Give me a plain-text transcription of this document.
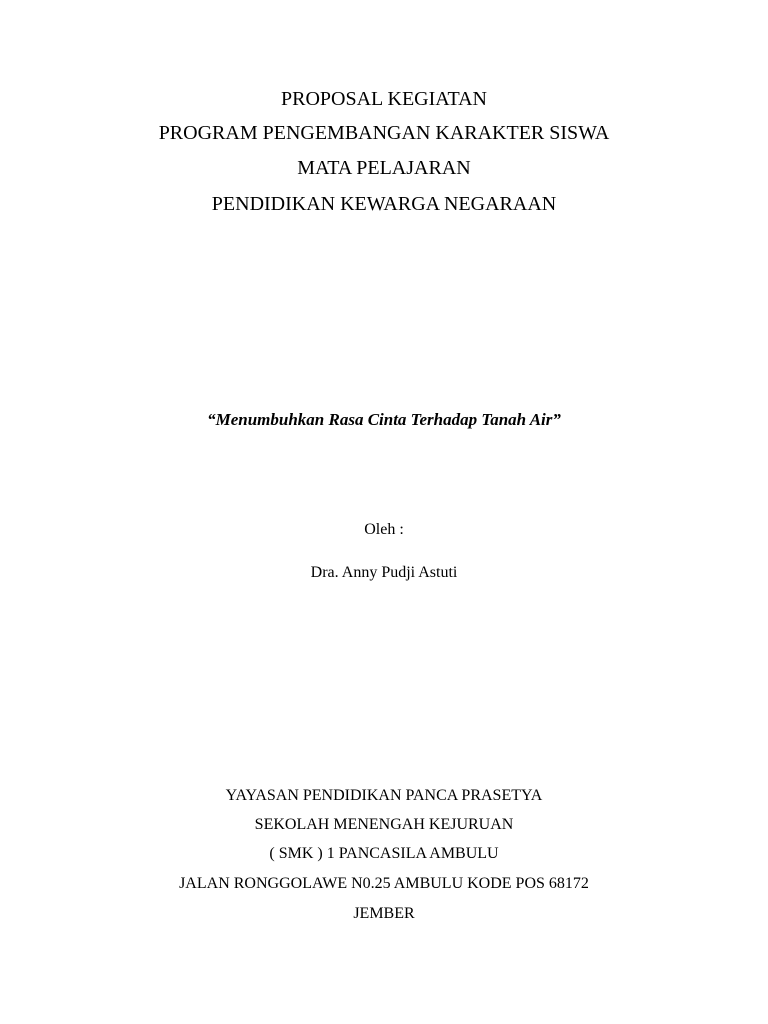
PROPOSAL KEGIATAN
PROGRAM PENGEMBANGAN KARAKTER SISWA
MATA PELAJARAN
PENDIDIKAN KEWARGA NEGARAAN
“Menumbuhkan Rasa Cinta Terhadap Tanah Air”
Oleh :
Dra. Anny Pudji Astuti
YAYASAN PENDIDIKAN PANCA PRASETYA
SEKOLAH MENENGAH KEJURUAN
( SMK ) 1 PANCASILA AMBULU
JALAN RONGGOLAWE N0.25 AMBULU KODE POS 68172
JEMBER
